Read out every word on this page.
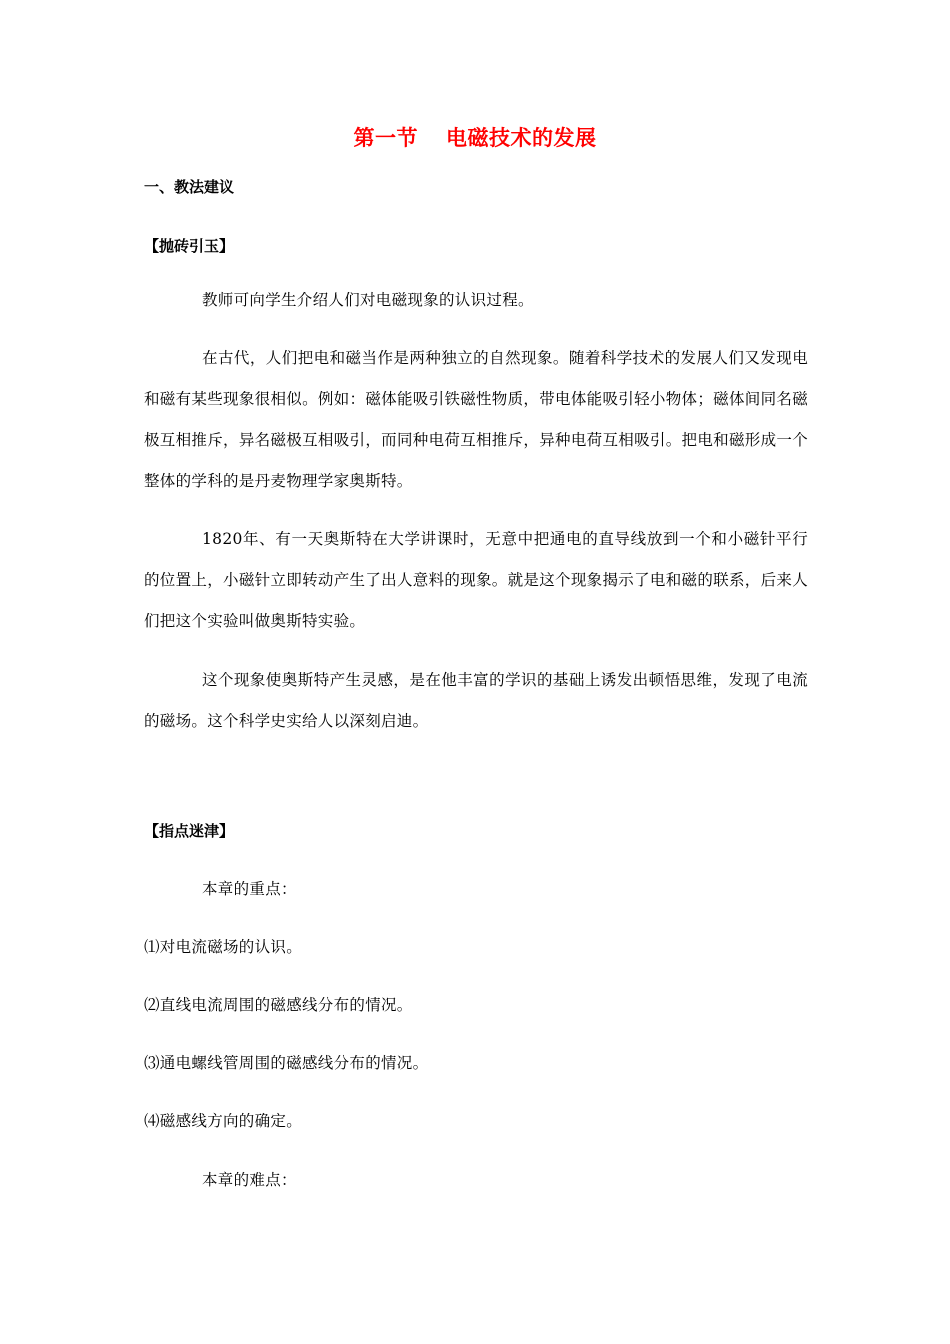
第一节 电磁技术的发展
一、教法建议
【抛砖引玉】
教师可向学生介绍人们对电磁现象的认识过程。
在古代，人们把电和磁当作是两种独立的自然现象。随着科学技术的发展人们又发现电和磁有某些现象很相似。例如：磁体能吸引铁磁性物质，带电体能吸引轻小物体；磁体间同名磁极互相推斥，异名磁极互相吸引，而同种电荷互相推斥，异种电荷互相吸引。把电和磁形成一个整体的学科的是丹麦物理学家奥斯特。
1820年、有一天奥斯特在大学讲课时，无意中把通电的直导线放到一个和小磁针平行的位置上，小磁针立即转动产生了出人意料的现象。就是这个现象揭示了电和磁的联系，后来人们把这个实验叫做奥斯特实验。
这个现象使奥斯特产生灵感，是在他丰富的学识的基础上诱发出顿悟思维，发现了电流的磁场。这个科学史实给人以深刻启迪。
【指点迷津】
本章的重点：
⑴对电流磁场的认识。
⑵直线电流周围的磁感线分布的情况。
⑶通电螺线管周围的磁感线分布的情况。
⑷磁感线方向的确定。
本章的难点：
